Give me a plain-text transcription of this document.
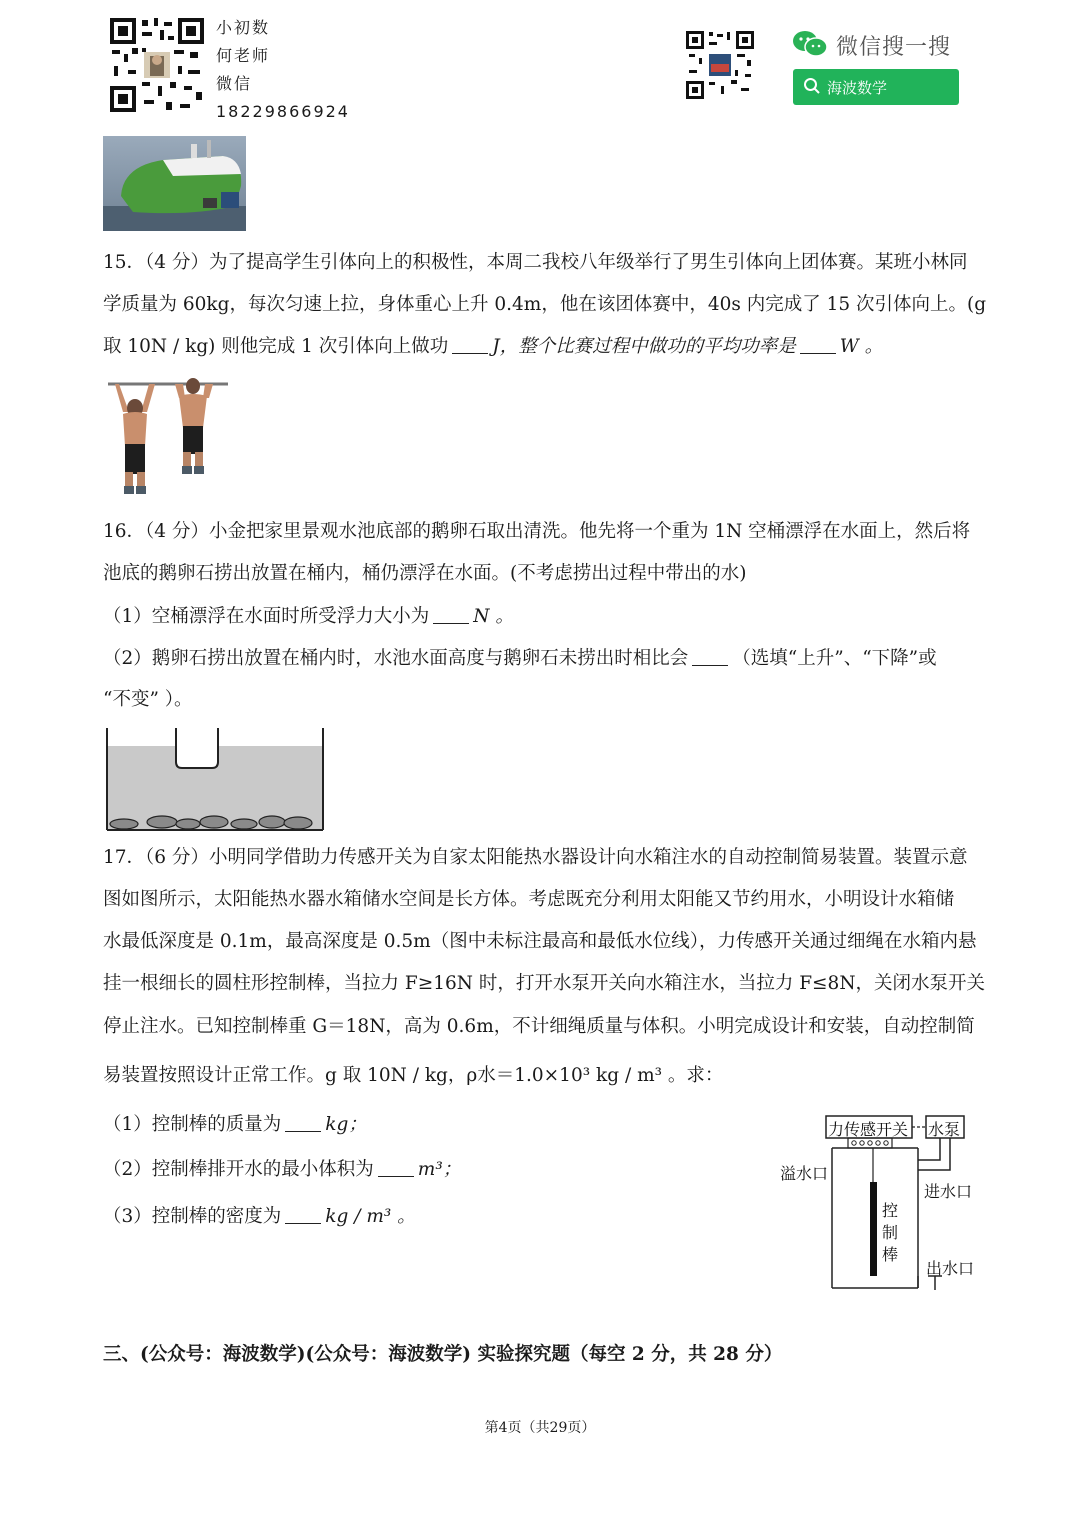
小初数
何老师
微信
18229866924
微信搜一搜
海波数学
15．（4 分）为了提高学生引体向上的积极性，本周二我校八年级举行了男生引体向上团体赛。某班小林同
学质量为 60kg，每次匀速上拉，身体重心上升 0.4m，他在该团体赛中，40s 内完成了 15 次引体向上。(g
取 10N / kg) 则他完成 1 次引体向上做功 J，整个比赛过程中做功的平均功率是 W 。
16．（4 分）小金把家里景观水池底部的鹅卵石取出清洗。他先将一个重为 1N 空桶漂浮在水面上，然后将
池底的鹅卵石捞出放置在桶内，桶仍漂浮在水面。(不考虑捞出过程中带出的水)
（1）空桶漂浮在水面时所受浮力大小为 N 。
（2）鹅卵石捞出放置在桶内时，水池水面高度与鹅卵石未捞出时相比会 （选填“上升”、“下降”或
“不变” ）。
17．（6 分）小明同学借助力传感开关为自家太阳能热水器设计向水箱注水的自动控制简易装置。装置示意
图如图所示，太阳能热水器水箱储水空间是长方体。考虑既充分利用太阳能又节约用水，小明设计水箱储
水最低深度是 0.1m，最高深度是 0.5m（图中未标注最高和最低水位线），力传感开关通过细绳在水箱内悬
挂一根细长的圆柱形控制棒，当拉力 F≥16N 时，打开水泵开关向水箱注水，当拉力 F≤8N，关闭水泵开关
停止注水。已知控制棒重 G＝18N，高为 0.6m，不计细绳质量与体积。小明完成设计和安装，自动控制简
易装置按照设计正常工作。g 取 10N / kg，ρ水＝1.0×10³ kg / m³ 。求：
（1）控制棒的质量为 kg；
（2）控制棒排开水的最小体积为 m³；
（3）控制棒的密度为 kg / m³ 。
力传感开关 水泵
溢水口
进水口
控制棒
出水口
三、(公众号：海波数学)(公众号：海波数学) 实验探究题（每空 2 分，共 28 分）
第4页（共29页）
